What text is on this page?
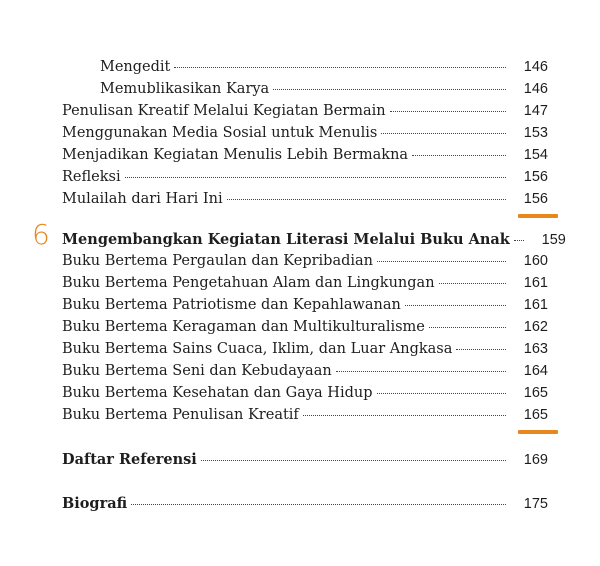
Mengedit	146
Memublikasikan Karya	146
Penulisan Kreatif Melalui Kegiatan Bermain	147
Menggunakan Media Sosial untuk Menulis	153
Menjadikan Kegiatan Menulis Lebih Bermakna	154
Refleksi	156
Mulailah dari Hari Ini	156
6 Mengembangkan Kegiatan Literasi Melalui Buku Anak	159
Buku Bertema Pergaulan dan Kepribadian	160
Buku Bertema Pengetahuan Alam dan Lingkungan	161
Buku Bertema Patriotisme dan Kepahlawanan	161
Buku Bertema Keragaman dan Multikulturalisme	162
Buku Bertema Sains Cuaca, Iklim, dan Luar Angkasa	163
Buku Bertema Seni dan Kebudayaan	164
Buku Bertema Kesehatan dan Gaya Hidup	165
Buku Bertema Penulisan Kreatif	165
Daftar Referensi	169
Biografi	175
